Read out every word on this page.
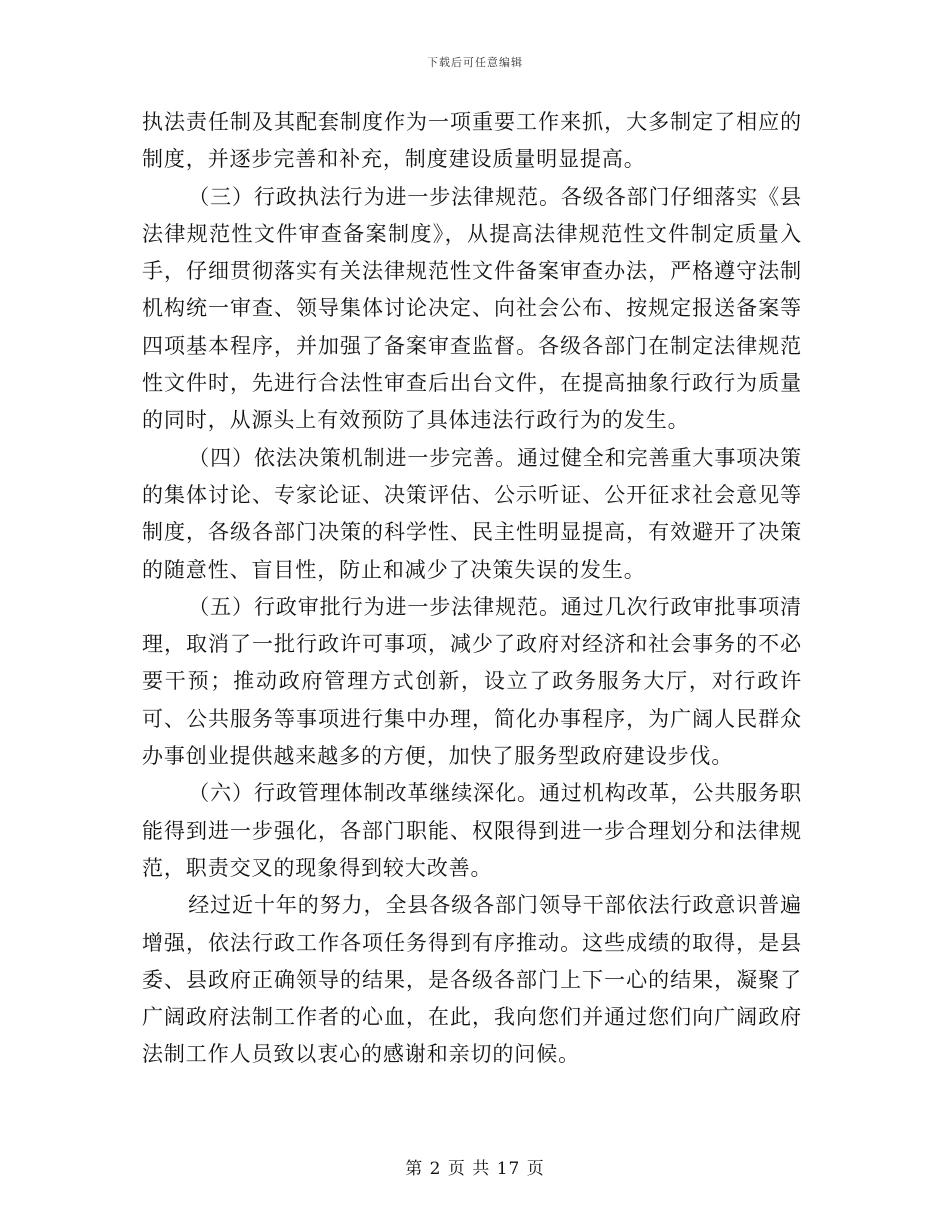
下载后可任意编辑

执法责任制及其配套制度作为一项重要工作来抓，大多制定了相应的制度，并逐步完善和补充，制度建设质量明显提高。

（三）行政执法行为进一步法律规范。各级各部门仔细落实《县法律规范性文件审查备案制度》，从提高法律规范性文件制定质量入手，仔细贯彻落实有关法律规范性文件备案审查办法，严格遵守法制机构统一审查、领导集体讨论决定、向社会公布、按规定报送备案等四项基本程序，并加强了备案审查监督。各级各部门在制定法律规范性文件时，先进行合法性审查后出台文件，在提高抽象行政行为质量的同时，从源头上有效预防了具体违法行政行为的发生。

（四）依法决策机制进一步完善。通过健全和完善重大事项决策的集体讨论、专家论证、决策评估、公示听证、公开征求社会意见等制度，各级各部门决策的科学性、民主性明显提高，有效避开了决策的随意性、盲目性，防止和减少了决策失误的发生。

（五）行政审批行为进一步法律规范。通过几次行政审批事项清理，取消了一批行政许可事项，减少了政府对经济和社会事务的不必要干预；推动政府管理方式创新，设立了政务服务大厅，对行政许可、公共服务等事项进行集中办理，简化办事程序，为广阔人民群众办事创业提供越来越多的方便，加快了服务型政府建设步伐。

（六）行政管理体制改革继续深化。通过机构改革，公共服务职能得到进一步强化，各部门职能、权限得到进一步合理划分和法律规范，职责交叉的现象得到较大改善。

经过近十年的努力，全县各级各部门领导干部依法行政意识普遍增强，依法行政工作各项任务得到有序推动。这些成绩的取得，是县委、县政府正确领导的结果，是各级各部门上下一心的结果，凝聚了广阔政府法制工作者的心血，在此，我向您们并通过您们向广阔政府法制工作人员致以衷心的感谢和亲切的问候。

第 2 页 共 17 页
